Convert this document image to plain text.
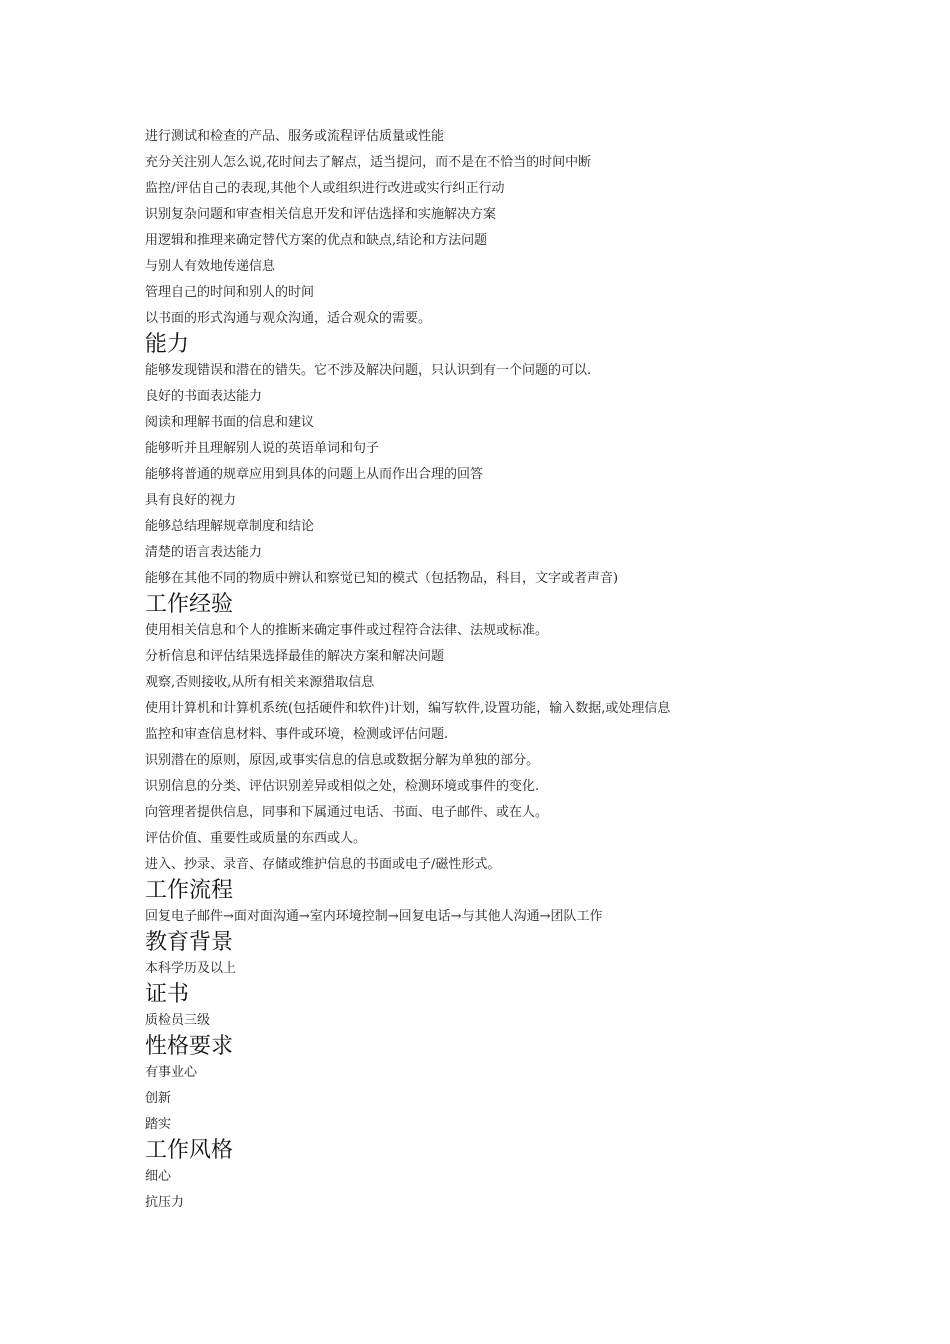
进行测试和检查的产品、服务或流程评估质量或性能
充分关注别人怎么说,花时间去了解点，适当提问，而不是在不恰当的时间中断
监控/评估自己的表现,其他个人或组织进行改进或实行纠正行动
识别复杂问题和审查相关信息开发和评估选择和实施解决方案
用逻辑和推理来确定替代方案的优点和缺点,结论和方法问题
与别人有效地传递信息
管理自己的时间和别人的时间
以书面的形式沟通与观众沟通，适合观众的需要。
能力
能够发现错误和潜在的错失。它不涉及解决问题，只认识到有一个问题的可以.
良好的书面表达能力
阅读和理解书面的信息和建议
能够听并且理解别人说的英语单词和句子
能够将普通的规章应用到具体的问题上从而作出合理的回答
具有良好的视力
能够总结理解规章制度和结论
清楚的语言表达能力
能够在其他不同的物质中辨认和察觉已知的模式（包括物品，科目，文字或者声音)
工作经验
使用相关信息和个人的推断来确定事件或过程符合法律、法规或标准。
分析信息和评估结果选择最佳的解决方案和解决问题
观察,否则接收,从所有相关来源猎取信息
使用计算机和计算机系统(包括硬件和软件)计划，编写软件,设置功能，输入数据,或处理信息
监控和审查信息材料、事件或环境，检测或评估问题.
识别潜在的原则，原因,或事实信息的信息或数据分解为单独的部分。
识别信息的分类、评估识别差异或相似之处，检测环境或事件的变化.
向管理者提供信息，同事和下属通过电话、书面、电子邮件、或在人。
评估价值、重要性或质量的东西或人。
进入、抄录、录音、存储或维护信息的书面或电子/磁性形式。
工作流程
回复电子邮件→面对面沟通→室内环境控制→回复电话→与其他人沟通→团队工作
教育背景
本科学历及以上
证书
质检员三级
性格要求
有事业心
创新
踏实
工作风格
细心
抗压力
